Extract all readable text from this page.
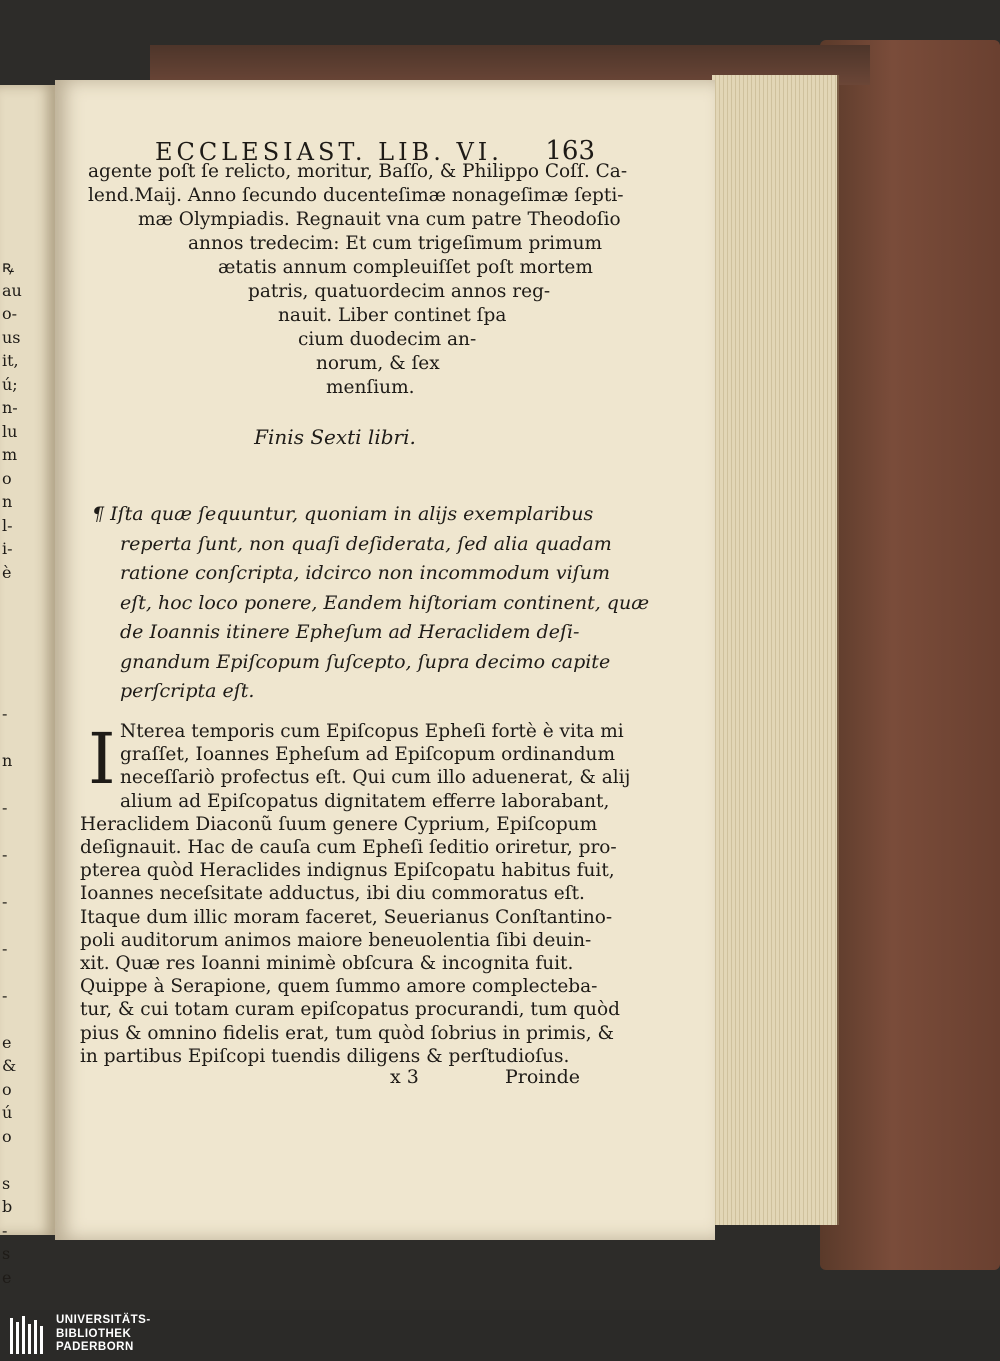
ꝶ
au
o-
us
it,
ú;
n-
lu
m
o
n
l-
i-
è

-

n

-

-

-

-

-

e
&
o
ú
o

s
b
-
s
e
ECCLESIAST. LIB. VI. 163
agente poſt ſe relicto, moritur, Baſſo, & Philippo Coſſ. Ca-
lend.Maij. Anno ſecundo ducenteſimæ nonageſimæ ſepti-
mæ Olympiadis. Regnauit vna cum patre Theodoſio
annos tredecim: Et cum trigeſimum primum
ætatis annum compleuiſſet poſt mortem
patris, quatuordecim annos reg-
nauit. Liber continet ſpa
cium duodecim an-
norum, & ſex
menſium.
Finis Sexti libri.
¶ Iſta quæ ſequuntur, quoniam in alijs exemplaribus
reperta ſunt, non quaſi deſiderata, ſed alia quadam
ratione conſcripta, idcirco non incommodum viſum
eſt, hoc loco ponere, Eandem hiſtoriam continent, quæ
de Ioannis itinere Epheſum ad Heraclidem deſi-
gnandum Epiſcopum ſuſcepto, ſupra decimo capite
perſcripta eſt.
I Nterea temporis cum Epiſcopus Epheſi fortè è vita mi
graſſet, Ioannes Epheſum ad Epiſcopum ordinandum
neceſſariò profectus eſt. Qui cum illo aduenerat, & alij
alium ad Epiſcopatus dignitatem efferre laborabant,
Heraclidem Diaconũ ſuum genere Cyprium, Epiſcopum
deſignauit. Hac de cauſa cum Epheſi ſeditio oriretur, pro-
pterea quòd Heraclides indignus Epiſcopatu habitus fuit,
Ioannes neceſsitate adductus, ibi diu commoratus eſt.
Itaque dum illic moram faceret, Seuerianus Conſtantino-
poli auditorum animos maiore beneuolentia ſibi deuin-
xit. Quæ res Ioanni minimè obſcura & incognita fuit.
Quippe à Serapione, quem ſummo amore complecteba-
tur, & cui totam curam epiſcopatus procurandi, tum quòd
pius & omnino fidelis erat, tum quòd ſobrius in primis, &
in partibus Epiſcopi tuendis diligens & perſtudioſus.
x 3	Proinde
UNIVERSITÄTS-
BIBLIOTHEK
PADERBORN
